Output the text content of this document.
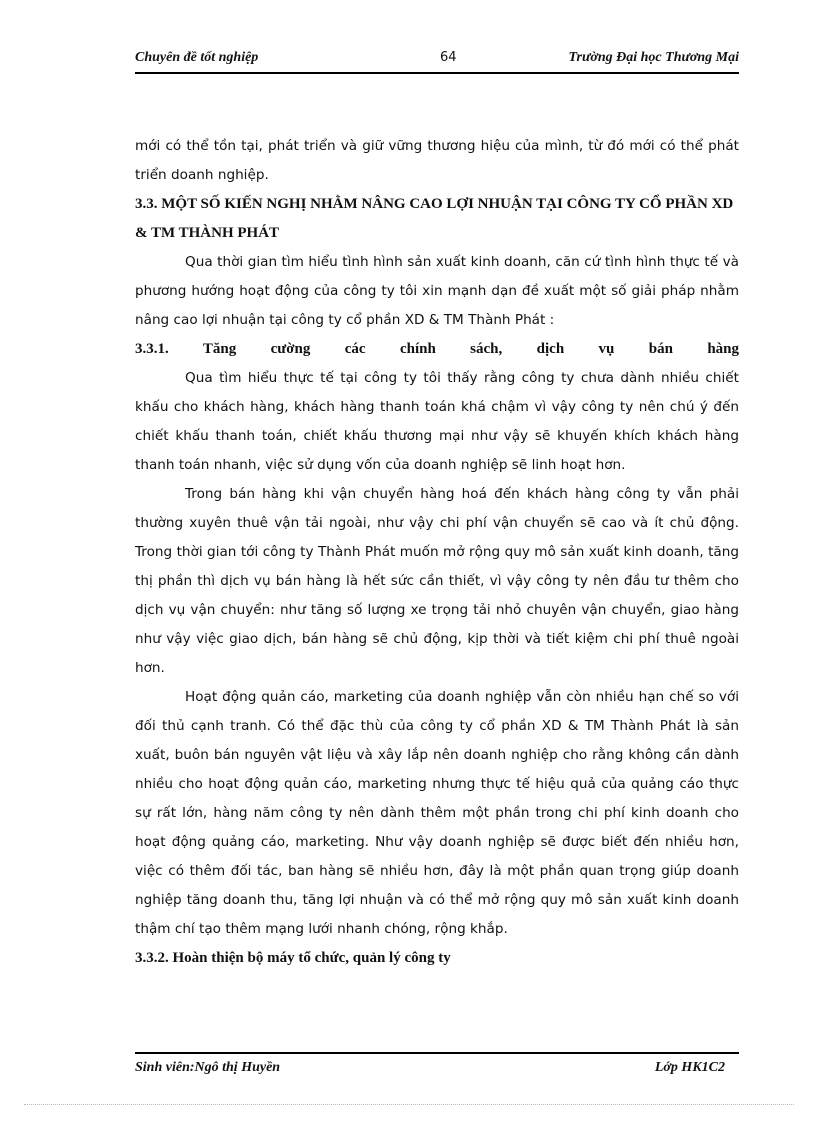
Chuyên đề tốt nghiệp	64	Trường Đại học Thương Mại

mới có thể tồn tại, phát triển và giữ vững thương hiệu của mình, từ đó mới có thể phát triển doanh nghiệp.

3.3. MỘT SỐ KIẾN NGHỊ NHẰM NÂNG CAO LỢI NHUẬN TẠI CÔNG TY CỔ PHẦN XD & TM THÀNH PHÁT

Qua thời gian tìm hiểu tình hình sản xuất kinh doanh, căn cứ tình hình thực tế và phương hướng hoạt động của công ty tôi xin mạnh dạn đề xuất một số giải pháp nhằm nâng cao lợi nhuận tại công ty cổ phần XD & TM Thành Phát :

3.3.1. Tăng cường các chính sách, dịch vụ bán hàng

Qua tìm hiểu thực tế tại công ty tôi thấy rằng công ty chưa dành nhiều chiết khấu cho khách hàng, khách hàng thanh toán khá chậm vì vậy công ty nên chú ý đến chiết khấu thanh toán, chiết khấu thương mại như vậy sẽ khuyến khích khách hàng thanh toán nhanh, việc sử dụng vốn của doanh nghiệp sẽ linh hoạt hơn.

Trong bán hàng khi vận chuyển hàng hoá đến khách hàng công ty vẫn phải thường xuyên thuê vận tải ngoài, như vậy chi phí vận chuyển sẽ cao và ít chủ động. Trong thời gian tới công ty Thành Phát muốn mở rộng quy mô sản xuất kinh doanh, tăng thị phần thì dịch vụ bán hàng là hết sức cần thiết, vì vậy công ty nên đầu tư thêm cho dịch vụ vận chuyển: như tăng số lượng xe trọng tải nhỏ chuyên vận chuyển, giao hàng như vậy việc giao dịch, bán hàng sẽ chủ động, kịp thời và tiết kiệm chi phí thuê ngoài hơn.

Hoạt động quản cáo, marketing của doanh nghiệp vẫn còn nhiều hạn chế so với đối thủ cạnh tranh. Có thể đặc thù của công ty cổ phần XD & TM Thành Phát là sản xuất, buôn bán nguyên vật liệu và xây lắp nên doanh nghiệp cho rằng không cần dành nhiều cho hoạt động quản cáo, marketing nhưng thực tế hiệu quả của quảng cáo thực sự rất lớn, hàng năm công ty nên dành thêm một phần trong chi phí kinh doanh cho hoạt động quảng cáo, marketing. Như vậy doanh nghiệp sẽ được biết đến nhiều hơn, việc có thêm đối tác, ban hàng sẽ nhiều hơn, đây là một phần quan trọng giúp doanh nghiệp tăng doanh thu, tăng lợi nhuận và có thể mở rộng quy mô sản xuất kinh doanh thậm chí tạo thêm mạng lưới nhanh chóng, rộng khắp.

3.3.2. Hoàn thiện bộ máy tổ chức, quản lý công ty

Sinh viên:Ngô thị Huyền	Lớp HK1C2
